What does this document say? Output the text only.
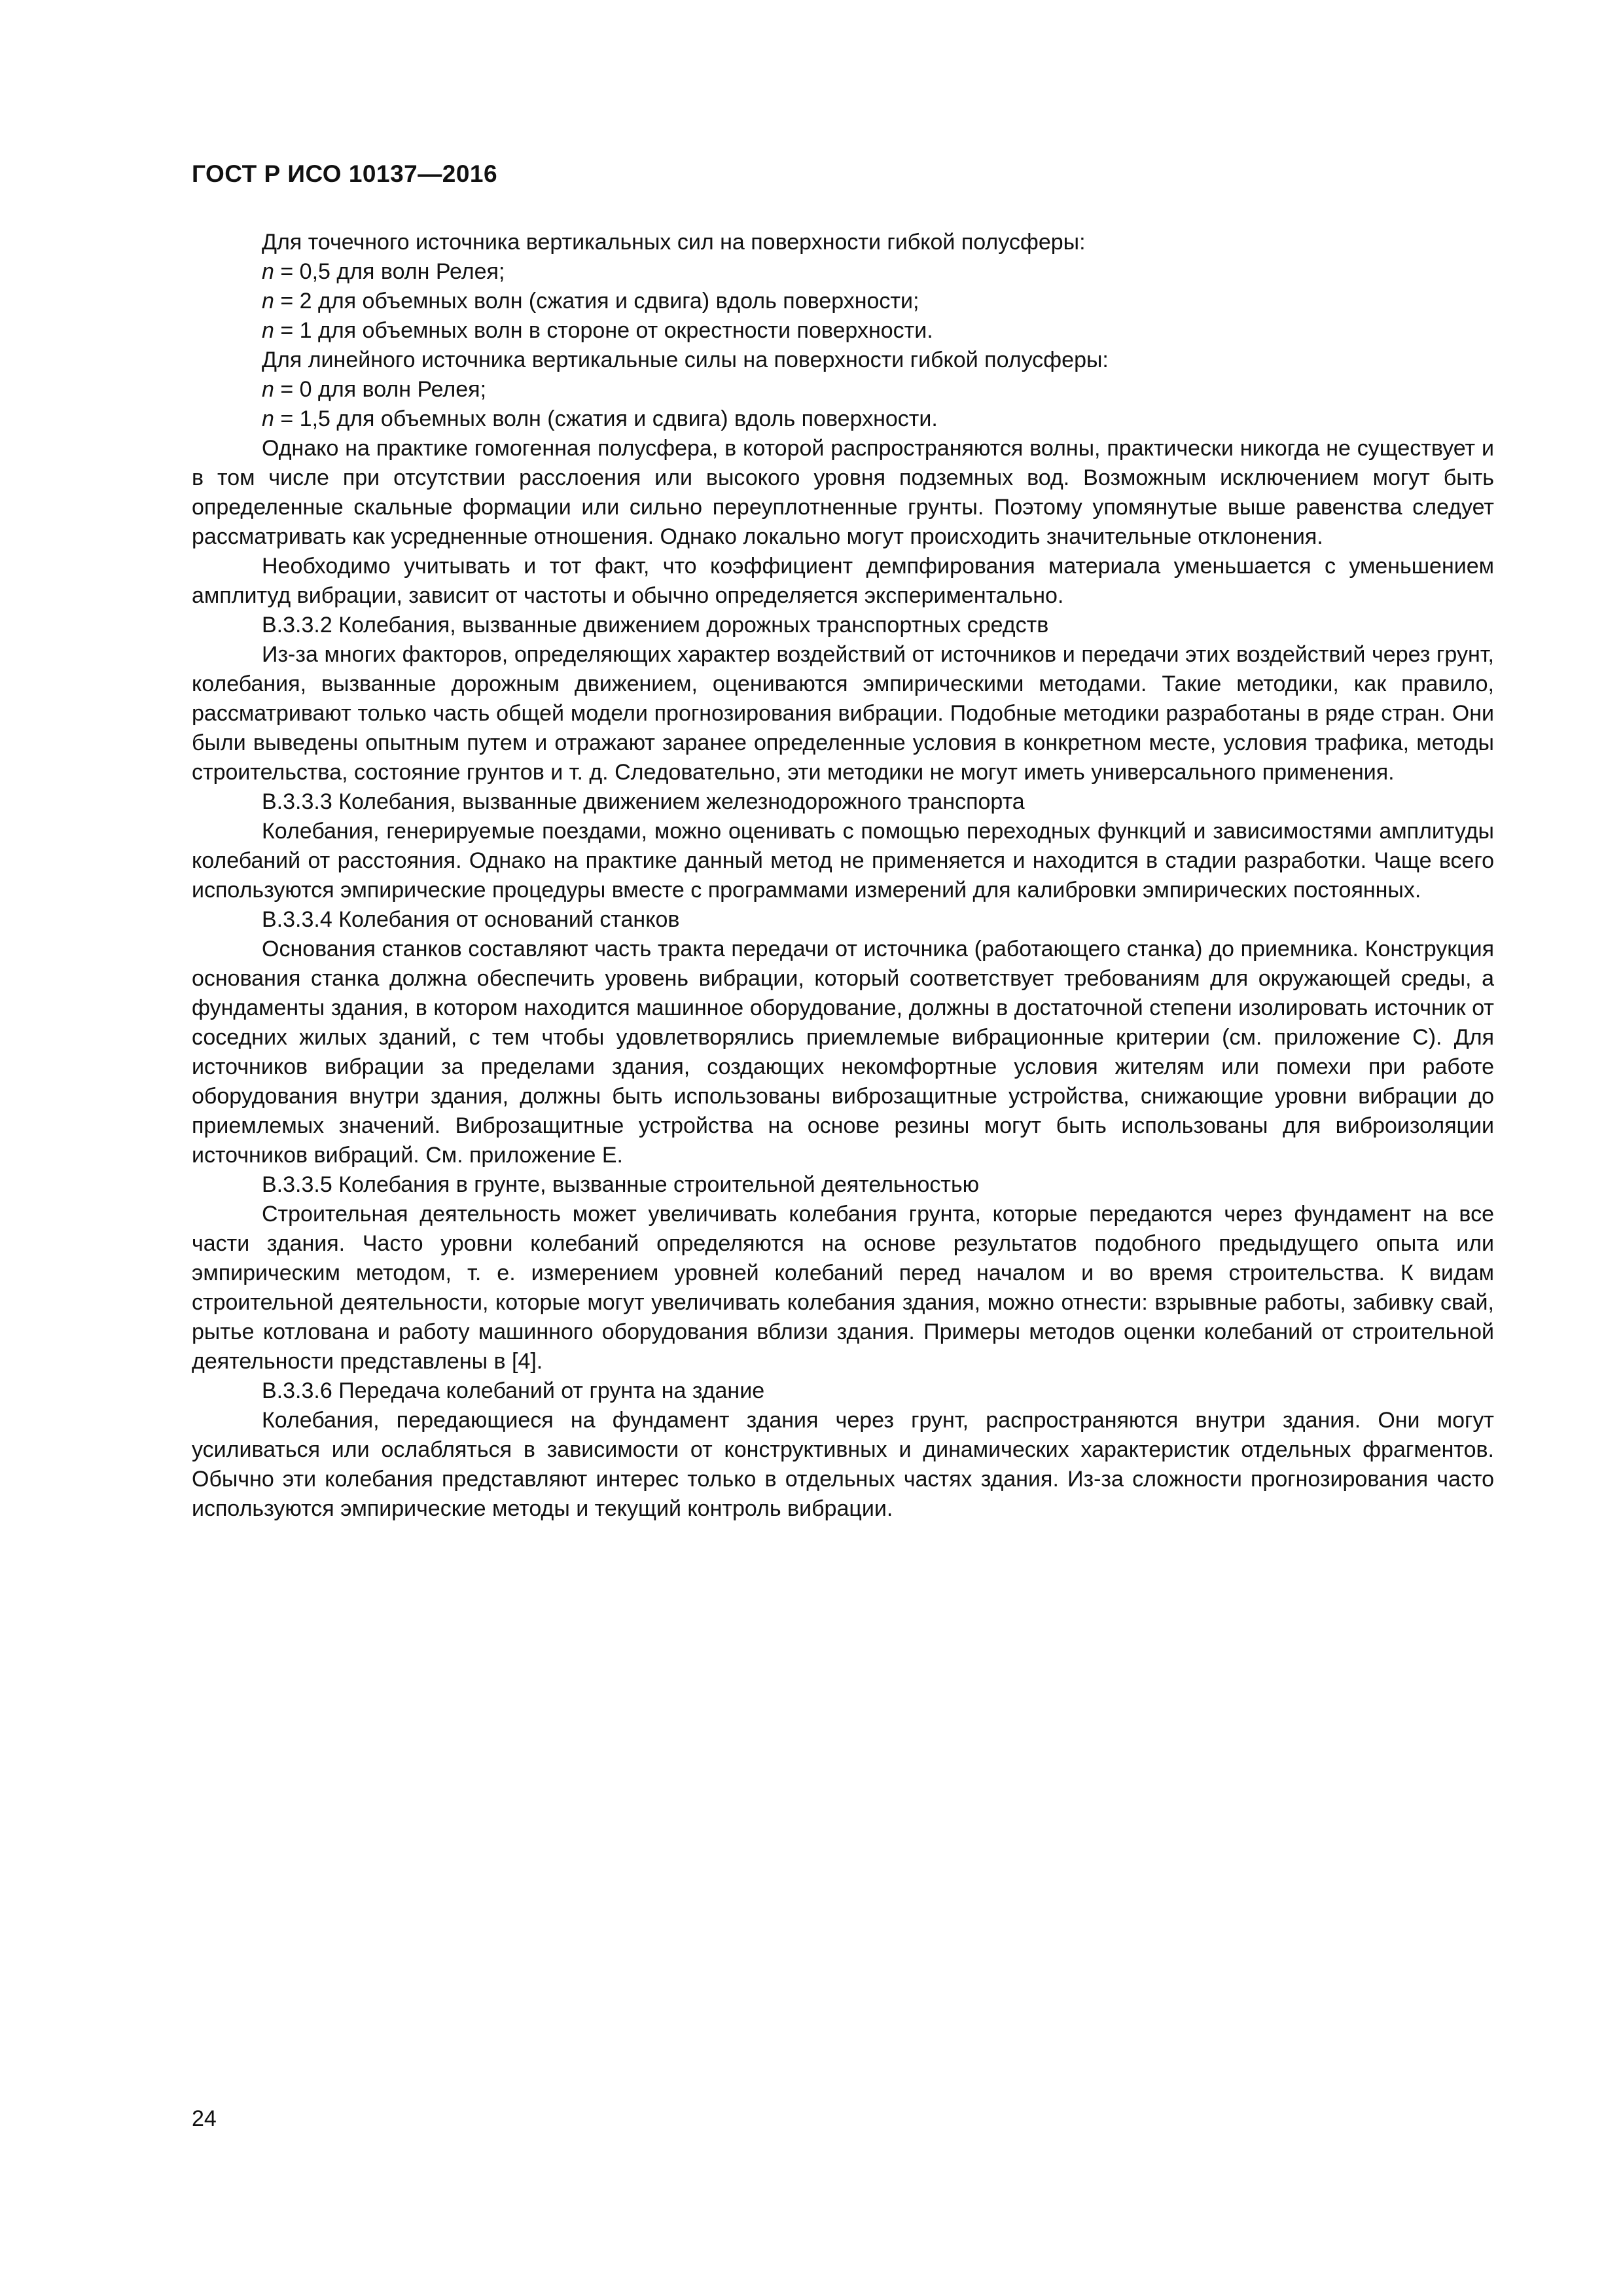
ГОСТ Р ИСО 10137—2016

Для точечного источника вертикальных сил на поверхности гибкой полусферы:

n = 0,5 для волн Релея;

n = 2 для объемных волн (сжатия и сдвига) вдоль поверхности;

n = 1 для объемных волн в стороне от окрестности поверхности.

Для линейного источника вертикальные силы на поверхности гибкой полусферы:

n = 0 для волн Релея;

n = 1,5 для объемных волн (сжатия и сдвига) вдоль поверхности.

Однако на практике гомогенная полусфера, в которой распространяются волны, практически никогда не существует и в том числе при отсутствии расслоения или высокого уровня подземных вод. Возможным исключением могут быть определенные скальные формации или сильно переуплотненные грунты. Поэтому упомянутые выше равенства следует рассматривать как усредненные отношения. Однако локально могут происходить значительные отклонения.

Необходимо учитывать и тот факт, что коэффициент демпфирования материала уменьшается с уменьшением амплитуд вибрации, зависит от частоты и обычно определяется экспериментально.

В.3.3.2 Колебания, вызванные движением дорожных транспортных средств

Из-за многих факторов, определяющих характер воздействий от источников и передачи этих воздействий через грунт, колебания, вызванные дорожным движением, оцениваются эмпирическими методами. Такие методики, как правило, рассматривают только часть общей модели прогнозирования вибрации. Подобные методики разработаны в ряде стран. Они были выведены опытным путем и отражают заранее определенные условия в конкретном месте, условия трафика, методы строительства, состояние грунтов и т. д. Следовательно, эти методики не могут иметь универсального применения.

В.3.3.3 Колебания, вызванные движением железнодорожного транспорта

Колебания, генерируемые поездами, можно оценивать с помощью переходных функций и зависимостями амплитуды колебаний от расстояния. Однако на практике данный метод не применяется и находится в стадии разработки. Чаще всего используются эмпирические процедуры вместе с программами измерений для калибровки эмпирических постоянных.

В.3.3.4 Колебания от оснований станков

Основания станков составляют часть тракта передачи от источника (работающего станка) до приемника. Конструкция основания станка должна обеспечить уровень вибрации, который соответствует требованиям для окружающей среды, а фундаменты здания, в котором находится машинное оборудование, должны в достаточной степени изолировать источник от соседних жилых зданий, с тем чтобы удовлетворялись приемлемые вибрационные критерии (см. приложение С). Для источников вибрации за пределами здания, создающих некомфортные условия жителям или помехи при работе оборудования внутри здания, должны быть использованы виброзащитные устройства, снижающие уровни вибрации до приемлемых значений. Виброзащитные устройства на основе резины могут быть использованы для виброизоляции источников вибраций. См. приложение Е.

В.3.3.5 Колебания в грунте, вызванные строительной деятельностью

Строительная деятельность может увеличивать колебания грунта, которые передаются через фундамент на все части здания. Часто уровни колебаний определяются на основе результатов подобного предыдущего опыта или эмпирическим методом, т. е. измерением уровней колебаний перед началом и во время строительства. К видам строительной деятельности, которые могут увеличивать колебания здания, можно отнести: взрывные работы, забивку свай, рытье котлована и работу машинного оборудования вблизи здания. Примеры методов оценки колебаний от строительной деятельности представлены в [4].

В.3.3.6 Передача колебаний от грунта на здание

Колебания, передающиеся на фундамент здания через грунт, распространяются внутри здания. Они могут усиливаться или ослабляться в зависимости от конструктивных и динамических характеристик отдельных фрагментов. Обычно эти колебания представляют интерес только в отдельных частях здания. Из-за сложности прогнозирования часто используются эмпирические методы и текущий контроль вибрации.

24
